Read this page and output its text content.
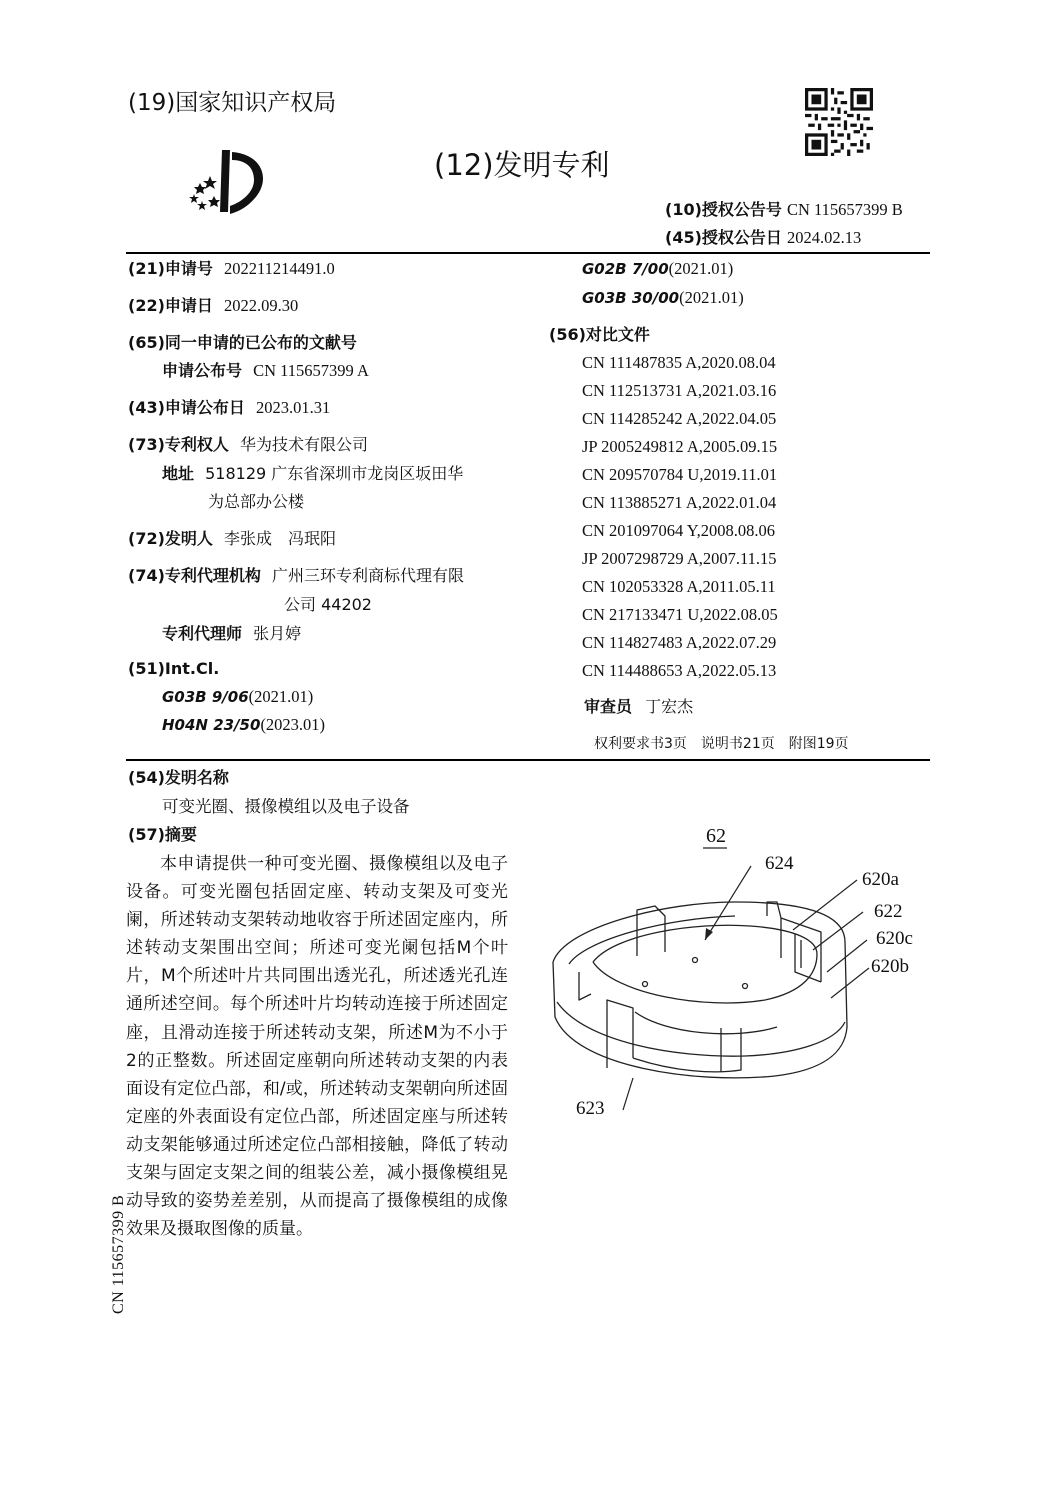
(19)国家知识产权局
(12)发明专利
(10)授权公告号 CN 115657399 B
(45)授权公告日 2024.02.13
(21)申请号 202211214491.0
(22)申请日 2022.09.30
(65)同一申请的已公布的文献号
申请公布号 CN 115657399 A
(43)申请公布日 2023.01.31
(73)专利权人 华为技术有限公司
地址 518129 广东省深圳市龙岗区坂田华
为总部办公楼
(72)发明人 李张成　冯珉阳
(74)专利代理机构 广州三环专利商标代理有限
公司 44202
专利代理师 张月婷
(51)Int.Cl.
G03B 9/06(2021.01)
H04N 23/50(2023.01)
G02B 7/00(2021.01)
G03B 30/00(2021.01)
(56)对比文件
CN 111487835 A,2020.08.04
CN 112513731 A,2021.03.16
CN 114285242 A,2022.04.05
JP 2005249812 A,2005.09.15
CN 209570784 U,2019.11.01
CN 113885271 A,2022.01.04
CN 201097064 Y,2008.08.06
JP 2007298729 A,2007.11.15
CN 102053328 A,2011.05.11
CN 217133471 U,2022.08.05
CN 114827483 A,2022.07.29
CN 114488653 A,2022.05.13
审查员 丁宏杰
权利要求书3页　说明书21页　附图19页
(54)发明名称
可变光圈、摄像模组以及电子设备
(57)摘要
本申请提供一种可变光圈、摄像模组以及电子设备。可变光圈包括固定座、转动支架及可变光阑，所述转动支架转动地收容于所述固定座内，所述转动支架围出空间；所述可变光阑包括M个叶片，M个所述叶片共同围出透光孔，所述透光孔连通所述空间。每个所述叶片均转动连接于所述固定座，且滑动连接于所述转动支架，所述M为不小于2的正整数。所述固定座朝向所述转动支架的内表面设有定位凸部，和/或，所述转动支架朝向所述固定座的外表面设有定位凸部，所述固定座与所述转动支架能够通过所述定位凸部相接触，降低了转动支架与固定支架之间的组装公差，减小摄像模组晃动导致的姿势差差别，从而提高了摄像模组的成像效果及摄取图像的质量。
62
624
620a
622
620c
620b
623
CN 115657399 B
